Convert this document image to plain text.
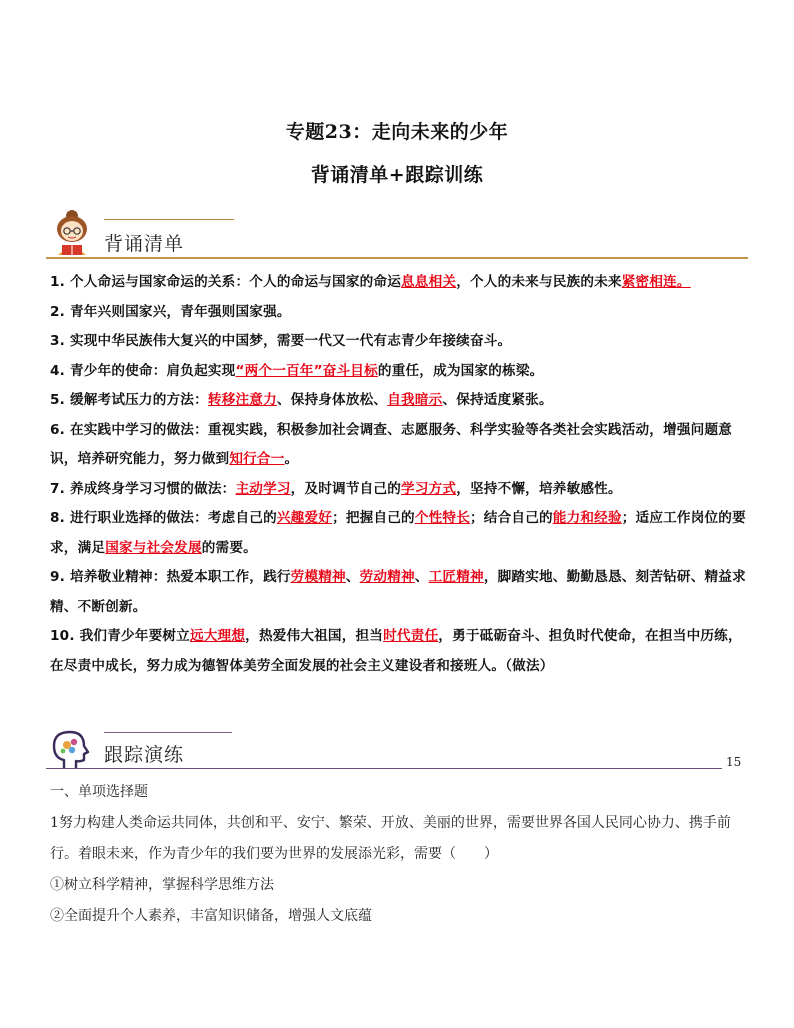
专题23：走向未来的少年
背诵清单+跟踪训练
背诵清单
1. 个人命运与国家命运的关系：个人的命运与国家的命运息息相关，个人的未来与民族的未来紧密相连。
2. 青年兴则国家兴，青年强则国家强。
3. 实现中华民族伟大复兴的中国梦，需要一代又一代有志青少年接续奋斗。
4. 青少年的使命：肩负起实现“两个一百年”奋斗目标的重任，成为国家的栋梁。
5. 缓解考试压力的方法：转移注意力、保持身体放松、自我暗示、保持适度紧张。
6. 在实践中学习的做法：重视实践，积极参加社会调查、志愿服务、科学实验等各类社会实践活动，增强问题意识，培养研究能力，努力做到知行合一。
7. 养成终身学习习惯的做法：主动学习，及时调节自己的学习方式，坚持不懈，培养敏感性。
8. 进行职业选择的做法：考虑自己的兴趣爱好；把握自己的个性特长；结合自己的能力和经验；适应工作岗位的要求，满足国家与社会发展的需要。
9. 培养敬业精神：热爱本职工作，践行劳模精神、劳动精神、工匠精神，脚踏实地、勤勤恳恳、刻苦钻研、精益求精、不断创新。
10. 我们青少年要树立远大理想，热爱伟大祖国，担当时代责任，勇于砥砺奋斗、担负时代使命，在担当中历练，在尽责中成长，努力成为德智体美劳全面发展的社会主义建设者和接班人。（做法）
跟踪演练	15

一、单项选择题

1努力构建人类命运共同体，共创和平、安宁、繁荣、开放、美丽的世界，需要世界各国人民同心协力、携手前行。着眼未来，作为青少年的我们要为世界的发展添光彩，需要（　　）

①树立科学精神，掌握科学思维方法

②全面提升个人素养，丰富知识储备，增强人文底蕴
